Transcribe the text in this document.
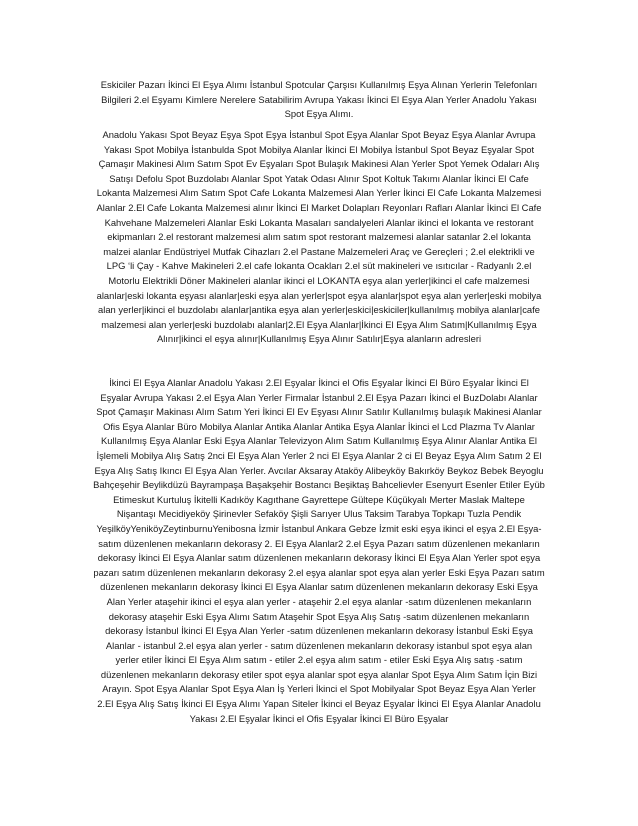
Eskiciler Pazarı İkinci El Eşya Alımı İstanbul Spotcular Çarşısı Kullanılmış Eşya Alınan Yerlerin Telefonları Bilgileri 2.el Eşyamı Kimlere Nerelere Satabilirim Avrupa Yakası İkinci El Eşya Alan Yerler Anadolu Yakası Spot Eşya Alımı.

Anadolu Yakası Spot Beyaz Eşya Spot Eşya İstanbul Spot Eşya Alanlar Spot Beyaz Eşya Alanlar Avrupa Yakası Spot Mobilya İstanbulda Spot Mobilya Alanlar İkinci El Mobilya İstanbul Spot Beyaz Eşyalar Spot Çamaşır Makinesi Alım Satım Spot Ev Eşyaları Spot Bulaşık Makinesi Alan Yerler Spot Yemek Odaları Alış Satışı Defolu Spot Buzdolabı Alanlar Spot Yatak Odası Alınır Spot Koltuk Takımı Alanlar İkinci El Cafe Lokanta Malzemesi Alım Satım Spot Cafe Lokanta Malzemesi Alan Yerler İkinci El Cafe Lokanta Malzemesi Alanlar 2.El Cafe Lokanta Malzemesi alınır İkinci El Market Dolapları Reyonları Rafları Alanlar İkinci El Cafe Kahvehane Malzemeleri Alanlar Eski Lokanta Masaları sandalyeleri Alanlar ikinci el lokanta ve restorant ekipmanları 2.el restorant malzemesi alım satım spot restorant malzemesi alanlar satanlar 2.el lokanta malzei alanlar Endüstriyel Mutfak Cihazları 2.el Pastane Malzemeleri Araç ve Gereçleri ; 2.el elektrikli ve LPG ‘li Çay - Kahve Makineleri 2.el cafe lokanta Ocakları 2.el süt makineleri ve ısıtıcılar - Radyanlı 2.el Motorlu Elektrikli Döner Makineleri alanlar ikinci el LOKANTA eşya alan yerler|ikinci el cafe malzemesi alanlar|eski lokanta eşyası alanlar|eski eşya alan yerler|spot eşya alanlar|spot eşya alan yerler|eski mobilya alan yerler|ikinci el buzdolabı alanlar|antika eşya alan yerler|eskici|eskiciler|kullanılmış mobilya alanlar|cafe malzemesi alan yerler|eski buzdolabı alanlar|2.El Eşya Alanlar|İkinci El Eşya Alım Satım|Kullanılmış Eşya Alınır|ikinci el eşya alınır|Kullanılmış Eşya Alınır Satılır|Eşya alanların adresleri

İkinci El Eşya Alanlar Anadolu Yakası 2.El Eşyalar İkinci el Ofis Eşyalar İkinci El Büro Eşyalar İkinci El Eşyalar Avrupa Yakası 2.el Eşya Alan Yerler Firmalar İstanbul 2.El Eşya Pazarı İkinci el BuzDolabı Alanlar Spot Çamaşır Makinası Alım Satım Yeri İkinci El Ev Eşyası Alınır Satılır Kullanılmış bulaşık Makinesi Alanlar Ofis Eşya Alanlar Büro Mobilya Alanlar Antika Alanlar Antika Eşya Alanlar İkinci el Lcd Plazma Tv Alanlar Kullanılmış Eşya Alanlar Eski Eşya Alanlar Televizyon Alım Satım Kullanılmış Eşya Alınır Alanlar Antika El İşlemeli Mobilya Alış Satış 2nci El Eşya Alan Yerler 2 nci El Eşya Alanlar 2 ci El Beyaz Eşya Alım Satım 2 El Eşya Alış Satış Ikıncı El Eşya Alan Yerler. Avcılar Aksaray Ataköy Alibeyköy Bakırköy Beykoz Bebek Beyoglu Bahçeşehir Beylikdüzü Bayrampaşa Başakşehir Bostancı Beşiktaş Bahcelievler Esenyurt Esenler Etiler Eyüb Etimeskut Kurtuluş İkitelli Kadıköy Kagıthane Gayrettepe Gültepe Küçükyalı Merter Maslak Maltepe Nişantaşı Mecidiyeköy Şirinevler Sefaköy Şişli Sarıyer Ulus Taksim Tarabya Topkapı Tuzla Pendik YeşilköyYeniköyZeytinburnuYenibosna İzmir İstanbul Ankara Gebze İzmit eski eşya ikinci el eşya 2.El Eşya- satım düzenlenen mekanların dekorasy 2. El Eşya Alanlar2 2.el Eşya Pazarı satım düzenlenen mekanların dekorasy İkinci El Eşya Alanlar satım düzenlenen mekanların dekorasy İkinci El Eşya Alan Yerler spot eşya pazarı satım düzenlenen mekanların dekorasy 2.el eşya alanlar spot eşya alan yerler Eski Eşya Pazarı satım düzenlenen mekanların dekorasy İkinci El Eşya Alanlar satım düzenlenen mekanların dekorasy Eski Eşya Alan Yerler ataşehir ikinci el eşya alan yerler - ataşehir 2.el eşya alanlar -satım düzenlenen mekanların dekorasy ataşehir Eski Eşya Alımı Satım Ataşehir Spot Eşya Alış Satış -satım düzenlenen mekanların dekorasy İstanbul İkinci El Eşya Alan Yerler -satım düzenlenen mekanların dekorasy İstanbul Eski Eşya Alanlar - istanbul 2.el eşya alan yerler - satım düzenlenen mekanların dekorasy istanbul spot eşya alan yerler etiler İkinci El Eşya Alım satım - etiler 2.el eşya alım satım - etiler Eski Eşya Alış satış -satım düzenlenen mekanların dekorasy etiler spot eşya alanlar spot eşya alanlar Spot Eşya Alım Satım İçin Bizi Arayın. Spot Eşya Alanlar Spot Eşya Alan İş Yerleri İkinci el Spot Mobilyalar Spot Beyaz Eşya Alan Yerler 2.El Eşya Alış Satış İkinci El Eşya Alımı Yapan Siteler İkinci el Beyaz Eşyalar İkinci El Eşya Alanlar Anadolu Yakası 2.El Eşyalar İkinci el Ofis Eşyalar İkinci El Büro Eşyalar
